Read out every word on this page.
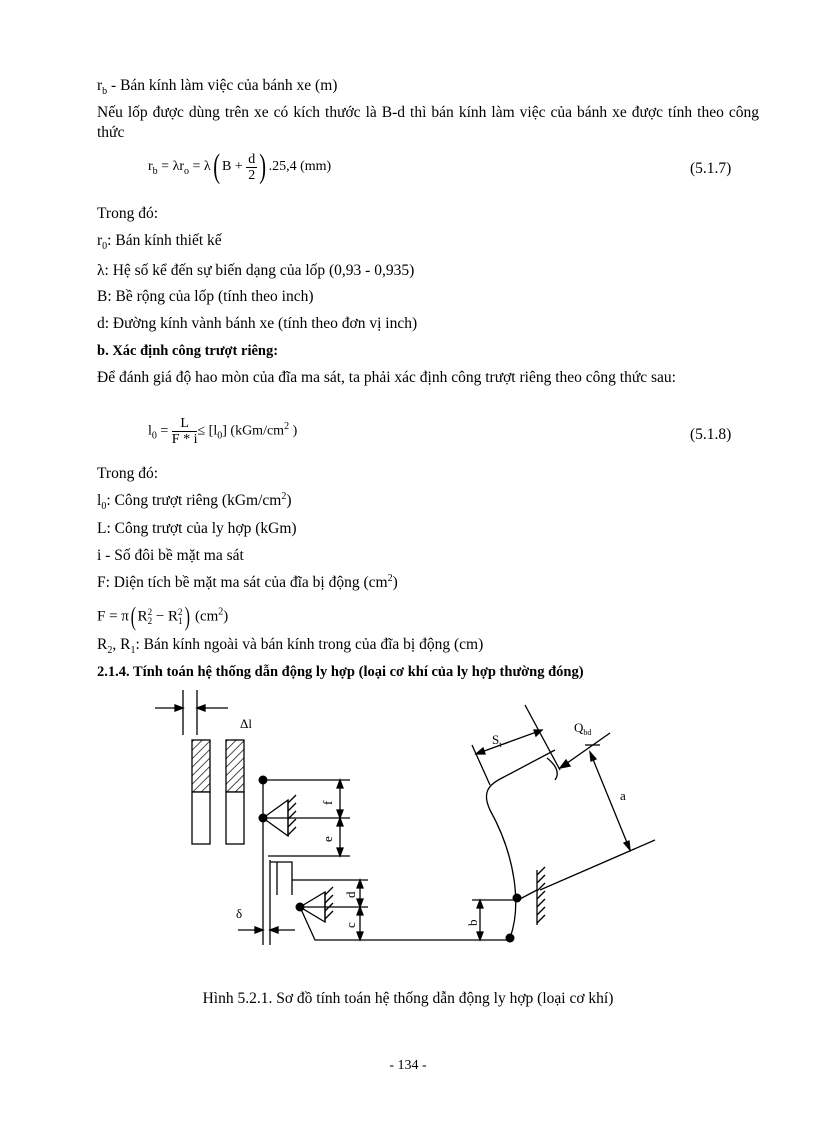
$r_b$ - Bán kính làm việc của bánh xe (m)
Nếu lốp được dùng trên xe có kích thước là B-d thì bán kính làm việc của bánh xe được tính theo công thức
$r_b = \lambda r_o = \lambda$( $B + \frac{d}{2}$ ) .25,4 (mm)	(5.1.7)
Trong đó:
$r_0$: Bán kính thiết kế
λ: Hệ số kể đến sự biến dạng của lốp (0,93 - 0,935)
B: Bề rộng của lốp (tính theo inch)
d: Đường kính vành bánh xe (tính theo đơn vị inch)
b. Xác định công trượt riêng:
Để đánh giá độ hao mòn của đĩa ma sát, ta phải xác định công trượt riêng theo công thức sau:
$l_0 = \frac{L}{F * i} \le [l_0]$ ($kGm/cm^2$ )	(5.1.8)
Trong đó:
$l_0$: Công trượt riêng $(kGm/cm^2)$
L: Công trượt của ly hợp (kGm)
i - Số đôi bề mặt ma sát
F: Diện tích bề mặt ma sát của đĩa bị động $(cm^2)$
F = π( R 2
2 − R 2
1 ) $(cm^2)$
$R_2$, $R_1$: Bán kính ngoài và bán kính trong của đĩa bị động (cm)
2.1.4. Tính toán hệ thống dẫn động ly hợp (loại cơ khí của ly hợp thường đóng)
Δl
$S_t$
$Q_{bd}$
a
f
e
d
c	b
δ
Hình 5.2.1. Sơ đồ tính toán hệ thống dẫn động ly hợp (loại cơ khí)
- 134 -
